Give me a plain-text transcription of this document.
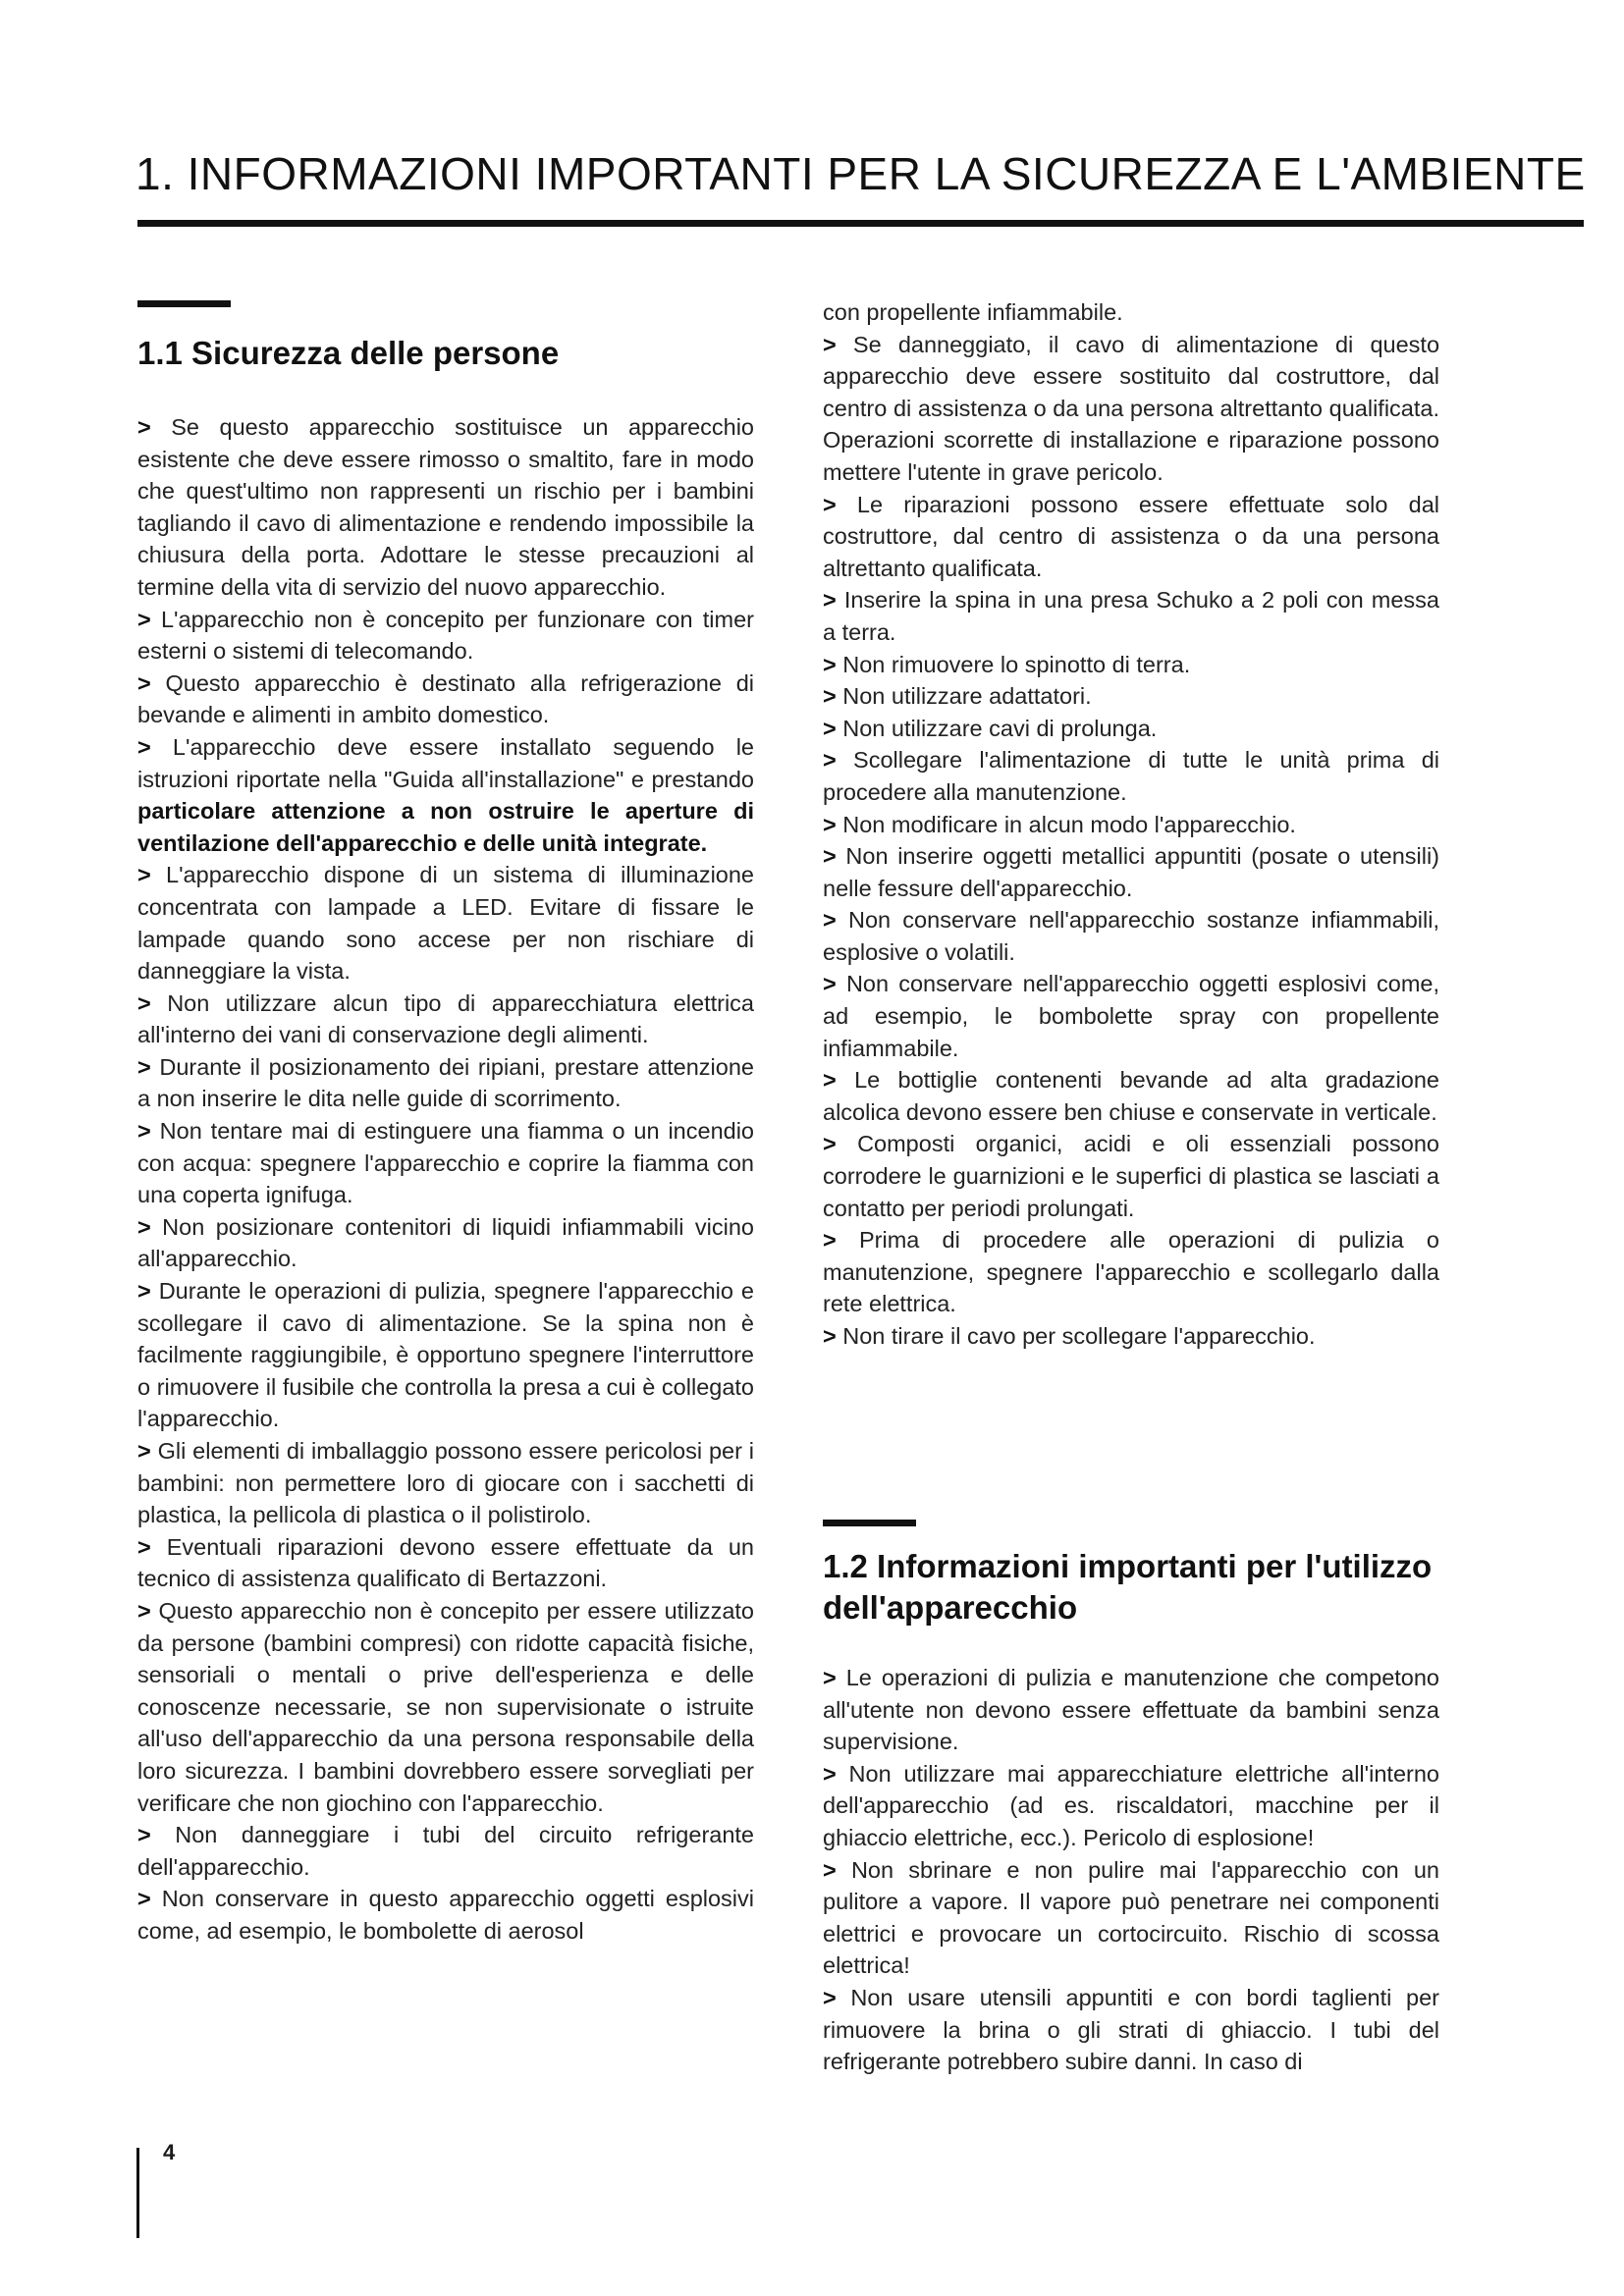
1. INFORMAZIONI IMPORTANTI PER LA SICUREZZA E L'AMBIENTE
1.1 Sicurezza delle persone

> Se questo apparecchio sostituisce un apparecchio esistente che deve essere rimosso o smaltito, fare in modo che quest'ultimo non rappresenti un rischio per i bambini tagliando il cavo di alimentazione e rendendo impossibile la chiusura della porta. Adottare le stesse precauzioni al termine della vita di servizio del nuovo apparecchio.

> L'apparecchio non è concepito per funzionare con timer esterni o sistemi di telecomando.

> Questo apparecchio è destinato alla refrigerazione di bevande e alimenti in ambito domestico.

> L'apparecchio deve essere installato seguendo le istruzioni riportate nella "Guida all'installazione" e prestando particolare attenzione a non ostruire le aperture di ventilazione dell'apparecchio e delle unità integrate.

> L'apparecchio dispone di un sistema di illuminazione concentrata con lampade a LED. Evitare di fissare le lampade quando sono accese per non rischiare di danneggiare la vista.

> Non utilizzare alcun tipo di apparecchiatura elettrica all'interno dei vani di conservazione degli alimenti.

> Durante il posizionamento dei ripiani, prestare attenzione a non inserire le dita nelle guide di scorrimento.

> Non tentare mai di estinguere una fiamma o un incendio con acqua: spegnere l'apparecchio e coprire la fiamma con una coperta ignifuga.

> Non posizionare contenitori di liquidi infiammabili vicino all'apparecchio.

> Durante le operazioni di pulizia, spegnere l'apparecchio e scollegare il cavo di alimentazione. Se la spina non è facilmente raggiungibile, è opportuno spegnere l'interruttore o rimuovere il fusibile che controlla la presa a cui è collegato l'apparecchio.

> Gli elementi di imballaggio possono essere pericolosi per i bambini: non permettere loro di giocare con i sacchetti di plastica, la pellicola di plastica o il polistirolo.

> Eventuali riparazioni devono essere effettuate da un tecnico di assistenza qualificato di Bertazzoni.

> Questo apparecchio non è concepito per essere utilizzato da persone (bambini compresi) con ridotte capacità fisiche, sensoriali o mentali o prive dell'esperienza e delle conoscenze necessarie, se non supervisionate o istruite all'uso dell'apparecchio da una persona responsabile della loro sicurezza. I bambini dovrebbero essere sorvegliati per verificare che non giochino con l'apparecchio.

> Non danneggiare i tubi del circuito refrigerante dell'apparecchio.

> Non conservare in questo apparecchio oggetti esplosivi come, ad esempio, le bombolette di aerosol

con propellente infiammabile.

> Se danneggiato, il cavo di alimentazione di questo apparecchio deve essere sostituito dal costruttore, dal centro di assistenza o da una persona altrettanto qualificata. Operazioni scorrette di installazione e riparazione possono mettere l'utente in grave pericolo.

> Le riparazioni possono essere effettuate solo dal costruttore, dal centro di assistenza o da una persona altrettanto qualificata.

> Inserire la spina in una presa Schuko a 2 poli con messa a terra.

> Non rimuovere lo spinotto di terra.

> Non utilizzare adattatori.

> Non utilizzare cavi di prolunga.

> Scollegare l'alimentazione di tutte le unità prima di procedere alla manutenzione.

> Non modificare in alcun modo l'apparecchio.

> Non inserire oggetti metallici appuntiti (posate o utensili) nelle fessure dell'apparecchio.

> Non conservare nell'apparecchio sostanze infiammabili, esplosive o volatili.

> Non conservare nell'apparecchio oggetti esplosivi come, ad esempio, le bombolette spray con propellente infiammabile.

> Le bottiglie contenenti bevande ad alta gradazione alcolica devono essere ben chiuse e conservate in verticale.

> Composti organici, acidi e oli essenziali possono corrodere le guarnizioni e le superfici di plastica se lasciati a contatto per periodi prolungati.

> Prima di procedere alle operazioni di pulizia o manutenzione, spegnere l'apparecchio e scollegarlo dalla rete elettrica.

> Non tirare il cavo per scollegare l'apparecchio.

1.2 Informazioni importanti per l'utilizzo dell'apparecchio

> Le operazioni di pulizia e manutenzione che competono all'utente non devono essere effettuate da bambini senza supervisione.

> Non utilizzare mai apparecchiature elettriche all'interno dell'apparecchio (ad es. riscaldatori, macchine per il ghiaccio elettriche, ecc.). Pericolo di esplosione!

> Non sbrinare e non pulire mai l'apparecchio con un pulitore a vapore. Il vapore può penetrare nei componenti elettrici e provocare un cortocircuito. Rischio di scossa elettrica!

> Non usare utensili appuntiti e con bordi taglienti per rimuovere la brina o gli strati di ghiaccio. I tubi del refrigerante potrebbero subire danni. In caso di

4
